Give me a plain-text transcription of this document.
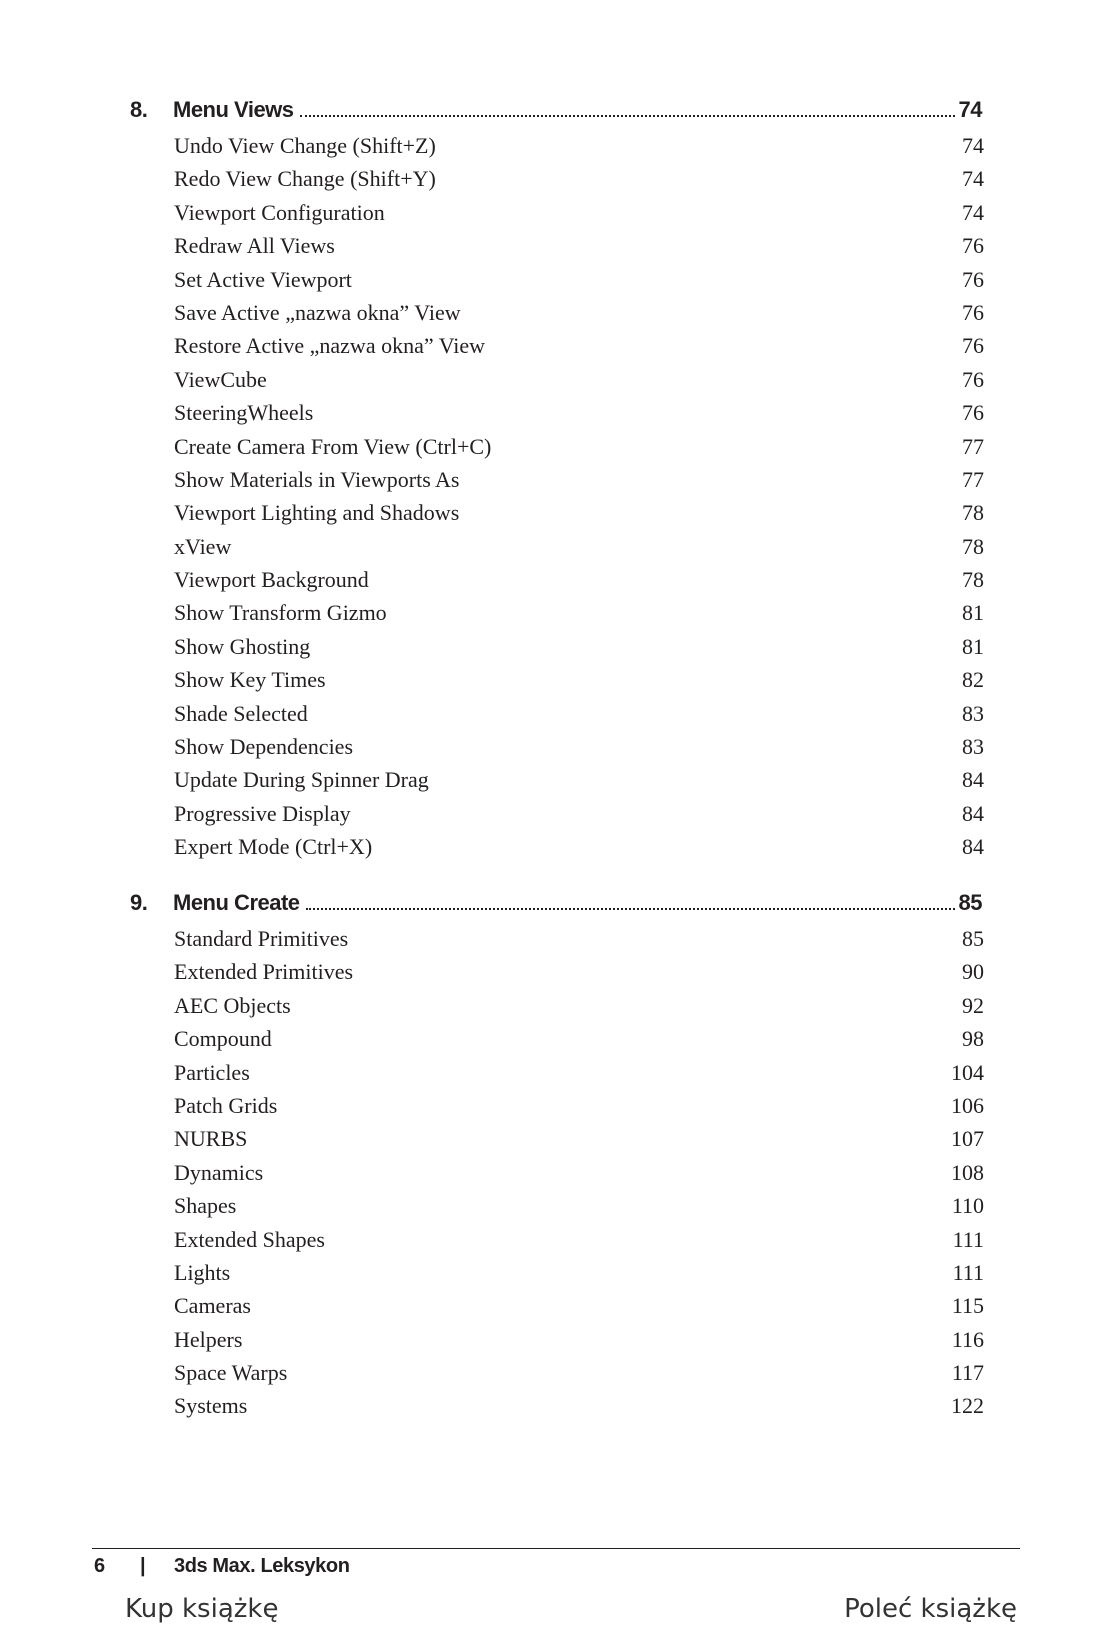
8. Menu Views	74
Undo View Change (Shift+Z)	74
Redo View Change (Shift+Y)	74
Viewport Configuration	74
Redraw All Views	76
Set Active Viewport	76
Save Active „nazwa okna” View	76
Restore Active „nazwa okna” View	76
ViewCube	76
SteeringWheels	76
Create Camera From View (Ctrl+C)	77
Show Materials in Viewports As	77
Viewport Lighting and Shadows	78
xView	78
Viewport Background	78
Show Transform Gizmo	81
Show Ghosting	81
Show Key Times	82
Shade Selected	83
Show Dependencies	83
Update During Spinner Drag	84
Progressive Display	84
Expert Mode (Ctrl+X)	84
9. Menu Create	85
Standard Primitives	85
Extended Primitives	90
AEC Objects	92
Compound	98
Particles	104
Patch Grids	106
NURBS	107
Dynamics	108
Shapes	110
Extended Shapes	111
Lights	111
Cameras	115
Helpers	116
Space Warps	117
Systems	122
6 | 3ds Max. Leksykon
Kup książkę	Poleć książkę
